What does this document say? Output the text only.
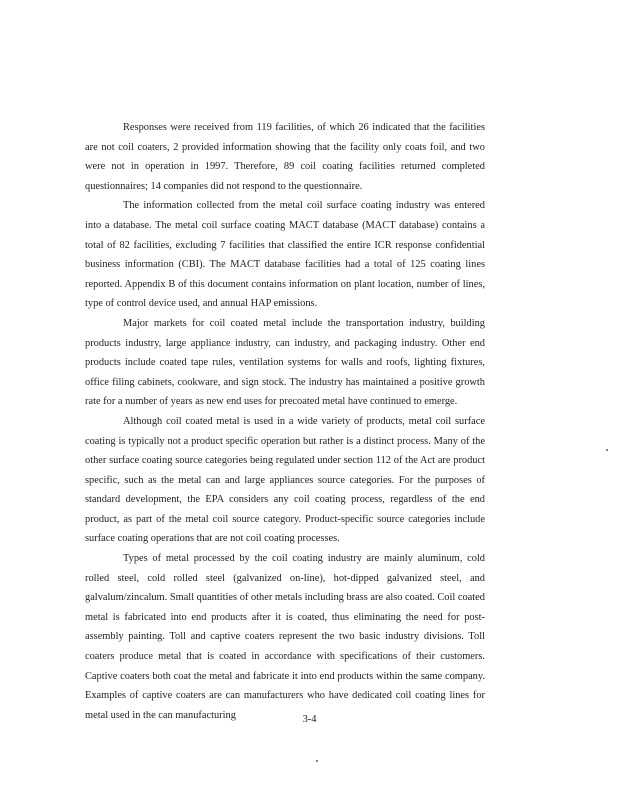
Responses were received from 119 facilities, of which 26 indicated that the facilities are not coil coaters, 2 provided information showing that the facility only coats foil, and two were not in operation in 1997. Therefore, 89 coil coating facilities returned completed questionnaires; 14 companies did not respond to the questionnaire.

The information collected from the metal coil surface coating industry was entered into a database. The metal coil surface coating MACT database (MACT database) contains a total of 82 facilities, excluding 7 facilities that classified the entire ICR response confidential business information (CBI). The MACT database facilities had a total of 125 coating lines reported. Appendix B of this document contains information on plant location, number of lines, type of control device used, and annual HAP emissions.

Major markets for coil coated metal include the transportation industry, building products industry, large appliance industry, can industry, and packaging industry. Other end products include coated tape rules, ventilation systems for walls and roofs, lighting fixtures, office filing cabinets, cookware, and sign stock. The industry has maintained a positive growth rate for a number of years as new end uses for precoated metal have continued to emerge.

Although coil coated metal is used in a wide variety of products, metal coil surface coating is typically not a product specific operation but rather is a distinct process. Many of the other surface coating source categories being regulated under section 112 of the Act are product specific, such as the metal can and large appliances source categories. For the purposes of standard development, the EPA considers any coil coating process, regardless of the end product, as part of the metal coil source category. Product-specific source categories include surface coating operations that are not coil coating processes.

Types of metal processed by the coil coating industry are mainly aluminum, cold rolled steel, cold rolled steel (galvanized on-line), hot-dipped galvanized steel, and galvalum/zincalum. Small quantities of other metals including brass are also coated. Coil coated metal is fabricated into end products after it is coated, thus eliminating the need for post-assembly painting. Toll and captive coaters represent the two basic industry divisions. Toll coaters produce metal that is coated in accordance with specifications of their customers. Captive coaters both coat the metal and fabricate it into end products within the same company. Examples of captive coaters are can manufacturers who have dedicated coil coating lines for metal used in the can manufacturing	3-4
